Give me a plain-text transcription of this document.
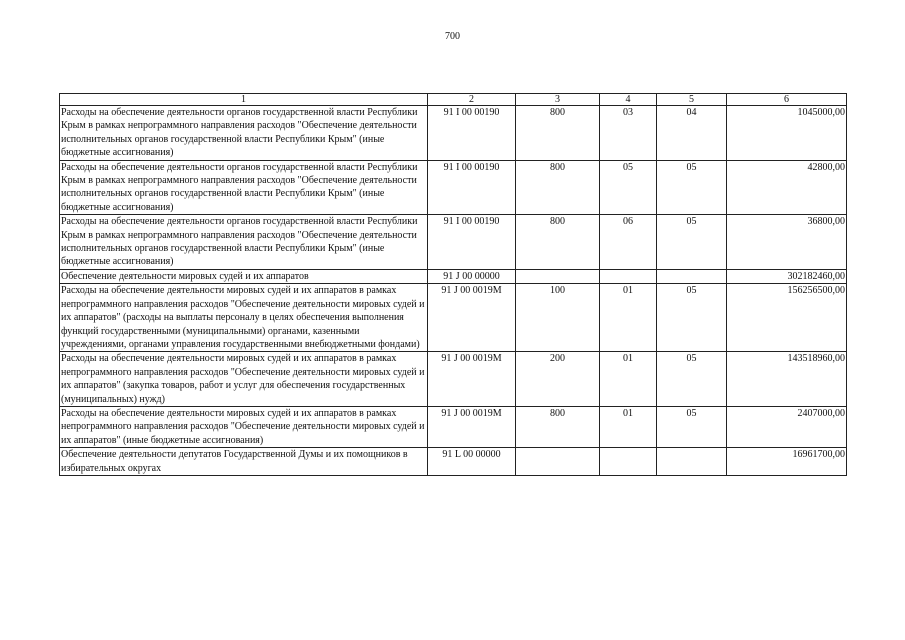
700
1	2	3	4	5	6
Расходы на обеспечение деятельности органов государственной власти Республики Крым в рамках непрограммного направления расходов "Обеспечение деятельности исполнительных органов государственной власти Республики Крым" (иные бюджетные ассигнования)	91 I 00 00190	800	03	04	1045000,00
Расходы на обеспечение деятельности органов государственной власти Республики Крым в рамках непрограммного направления расходов "Обеспечение деятельности исполнительных органов государственной власти Республики Крым" (иные бюджетные ассигнования)	91 I 00 00190	800	05	05	42800,00
Расходы на обеспечение деятельности органов государственной власти Республики Крым в рамках непрограммного направления расходов "Обеспечение деятельности исполнительных органов государственной власти Республики Крым" (иные бюджетные ассигнования)	91 I 00 00190	800	06	05	36800,00
Обеспечение деятельности мировых судей и их аппаратов	91 J 00 00000				302182460,00
Расходы на обеспечение деятельности мировых судей и их аппаратов в рамках непрограммного направления расходов "Обеспечение деятельности мировых судей и их аппаратов" (расходы на выплаты персоналу в целях обеспечения выполнения функций государственными (муниципальными) органами, казенными учреждениями, органами управления государственными внебюджетными фондами)	91 J 00 0019M	100	01	05	156256500,00
Расходы на обеспечение деятельности мировых судей и их аппаратов в рамках непрограммного направления расходов "Обеспечение деятельности мировых судей и их аппаратов" (закупка товаров, работ и услуг для обеспечения государственных (муниципальных) нужд)	91 J 00 0019M	200	01	05	143518960,00
Расходы на обеспечение деятельности мировых судей и их аппаратов в рамках непрограммного направления расходов "Обеспечение деятельности мировых судей и их аппаратов" (иные бюджетные ассигнования)	91 J 00 0019M	800	01	05	2407000,00
Обеспечение деятельности депутатов Государственной Думы и их помощников в избирательных округах	91 L 00 00000				16961700,00
